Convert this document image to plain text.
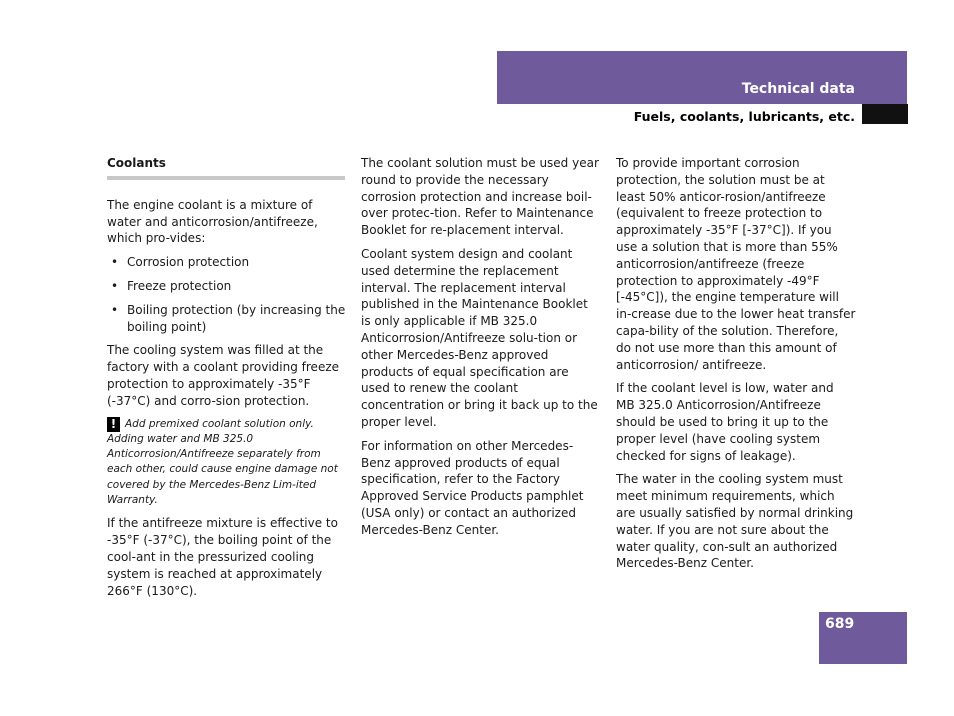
Technical data
Fuels, coolants, lubricants, etc.
Coolants

The engine coolant is a mixture of water and anticorrosion/antifreeze, which pro-vides:

• Corrosion protection
• Freeze protection
• Boiling protection (by increasing the boiling point)

The cooling system was filled at the factory with a coolant providing freeze protection to approximately -35°F (-37°C) and corro-sion protection.

! Add premixed coolant solution only. Adding water and MB 325.0 Anticorrosion/Antifreeze separately from each other, could cause engine damage not covered by the Mercedes-Benz Lim-ited Warranty.

If the antifreeze mixture is effective to -35°F (-37°C), the boiling point of the cool-ant in the pressurized cooling system is reached at approximately 266°F (130°C).

The coolant solution must be used year round to provide the necessary corrosion protection and increase boil-over protec-tion. Refer to Maintenance Booklet for re-placement interval.

Coolant system design and coolant used determine the replacement interval. The replacement interval published in the Maintenance Booklet is only applicable if MB 325.0 Anticorrosion/Antifreeze solu-tion or other Mercedes-Benz approved products of equal specification are used to renew the coolant concentration or bring it back up to the proper level.

For information on other Mercedes-Benz approved products of equal specification, refer to the Factory Approved Service Products pamphlet (USA only) or contact an authorized Mercedes-Benz Center.

To provide important corrosion protection, the solution must be at least 50% anticor-rosion/antifreeze (equivalent to freeze protection to approximately -35°F [-37°C]). If you use a solution that is more than 55% anticorrosion/antifreeze (freeze protection to approximately -49°F [-45°C]), the engine temperature will in-crease due to the lower heat transfer capa-bility of the solution. Therefore, do not use more than this amount of anticorrosion/ antifreeze.

If the coolant level is low, water and MB 325.0 Anticorrosion/Antifreeze should be used to bring it up to the proper level (have cooling system checked for signs of leakage).

The water in the cooling system must meet minimum requirements, which are usually satisfied by normal drinking water. If you are not sure about the water quality, con-sult an authorized Mercedes-Benz Center.

689
